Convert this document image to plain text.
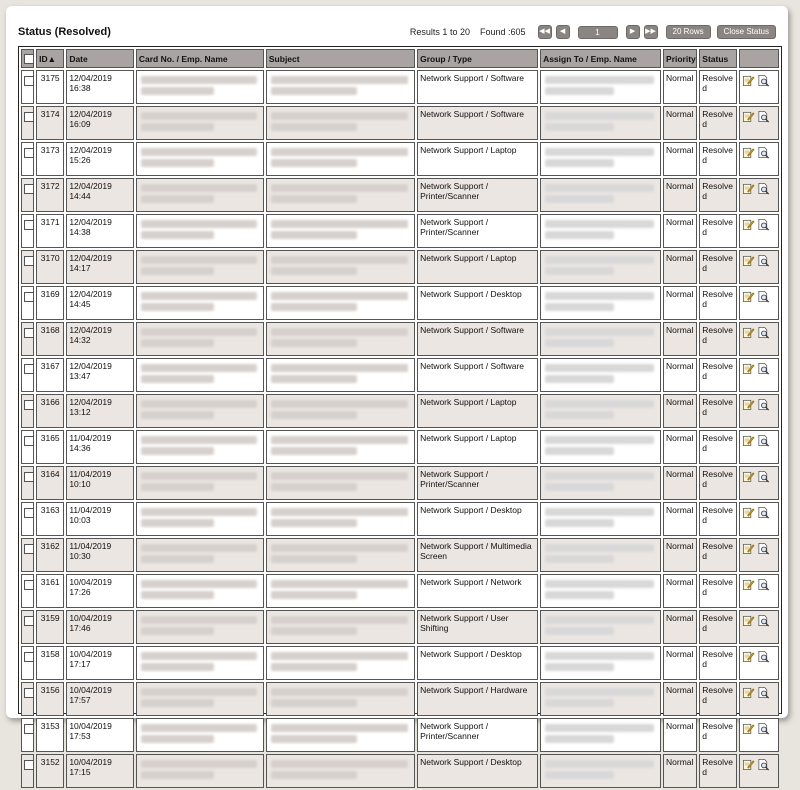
Status (Resolved)	Results 1 to 20 Found :605 ◀◀	◀	1	▶	▶▶	20 Rows	Close Status
	ID▲	Date	Card No. / Emp. Name	Subject	Group / Type	Assign To / Emp. Name	Priority	Status	
	3175	12/04/2019 16:38			Network Support / Software		Normal	Resolved	

	3174	12/04/2019 16:09			Network Support / Software		Normal	Resolved	

	3173	12/04/2019 15:26			Network Support / Laptop		Normal	Resolved	

	3172	12/04/2019 14:44			Network Support / Printer/Scanner		Normal	Resolved	

	3171	12/04/2019 14:38			Network Support / Printer/Scanner		Normal	Resolved	

	3170	12/04/2019 14:17			Network Support / Laptop		Normal	Resolved	

	3169	12/04/2019 14:45			Network Support / Desktop		Normal	Resolved	

	3168	12/04/2019 14:32			Network Support / Software		Normal	Resolved	

	3167	12/04/2019 13:47			Network Support / Software		Normal	Resolved	

	3166	12/04/2019 13:12			Network Support / Laptop		Normal	Resolved	

	3165	11/04/2019 14:36			Network Support / Laptop		Normal	Resolved	

	3164	11/04/2019 10:10			Network Support / Printer/Scanner		Normal	Resolved	

	3163	11/04/2019 10:03			Network Support / Desktop		Normal	Resolved	

	3162	11/04/2019 10:30			Network Support / Multimedia Screen		Normal	Resolved	

	3161	10/04/2019 17:26			Network Support / Network		Normal	Resolved	

	3159	10/04/2019 17:46			Network Support / User Shifting		Normal	Resolved	

	3158	10/04/2019 17:17			Network Support / Desktop		Normal	Resolved	

	3156	10/04/2019 17:57			Network Support / Hardware		Normal	Resolved	

	3153	10/04/2019 17:53			Network Support / Printer/Scanner		Normal	Resolved	

	3152	10/04/2019 17:15			Network Support / Desktop		Normal	Resolved	
